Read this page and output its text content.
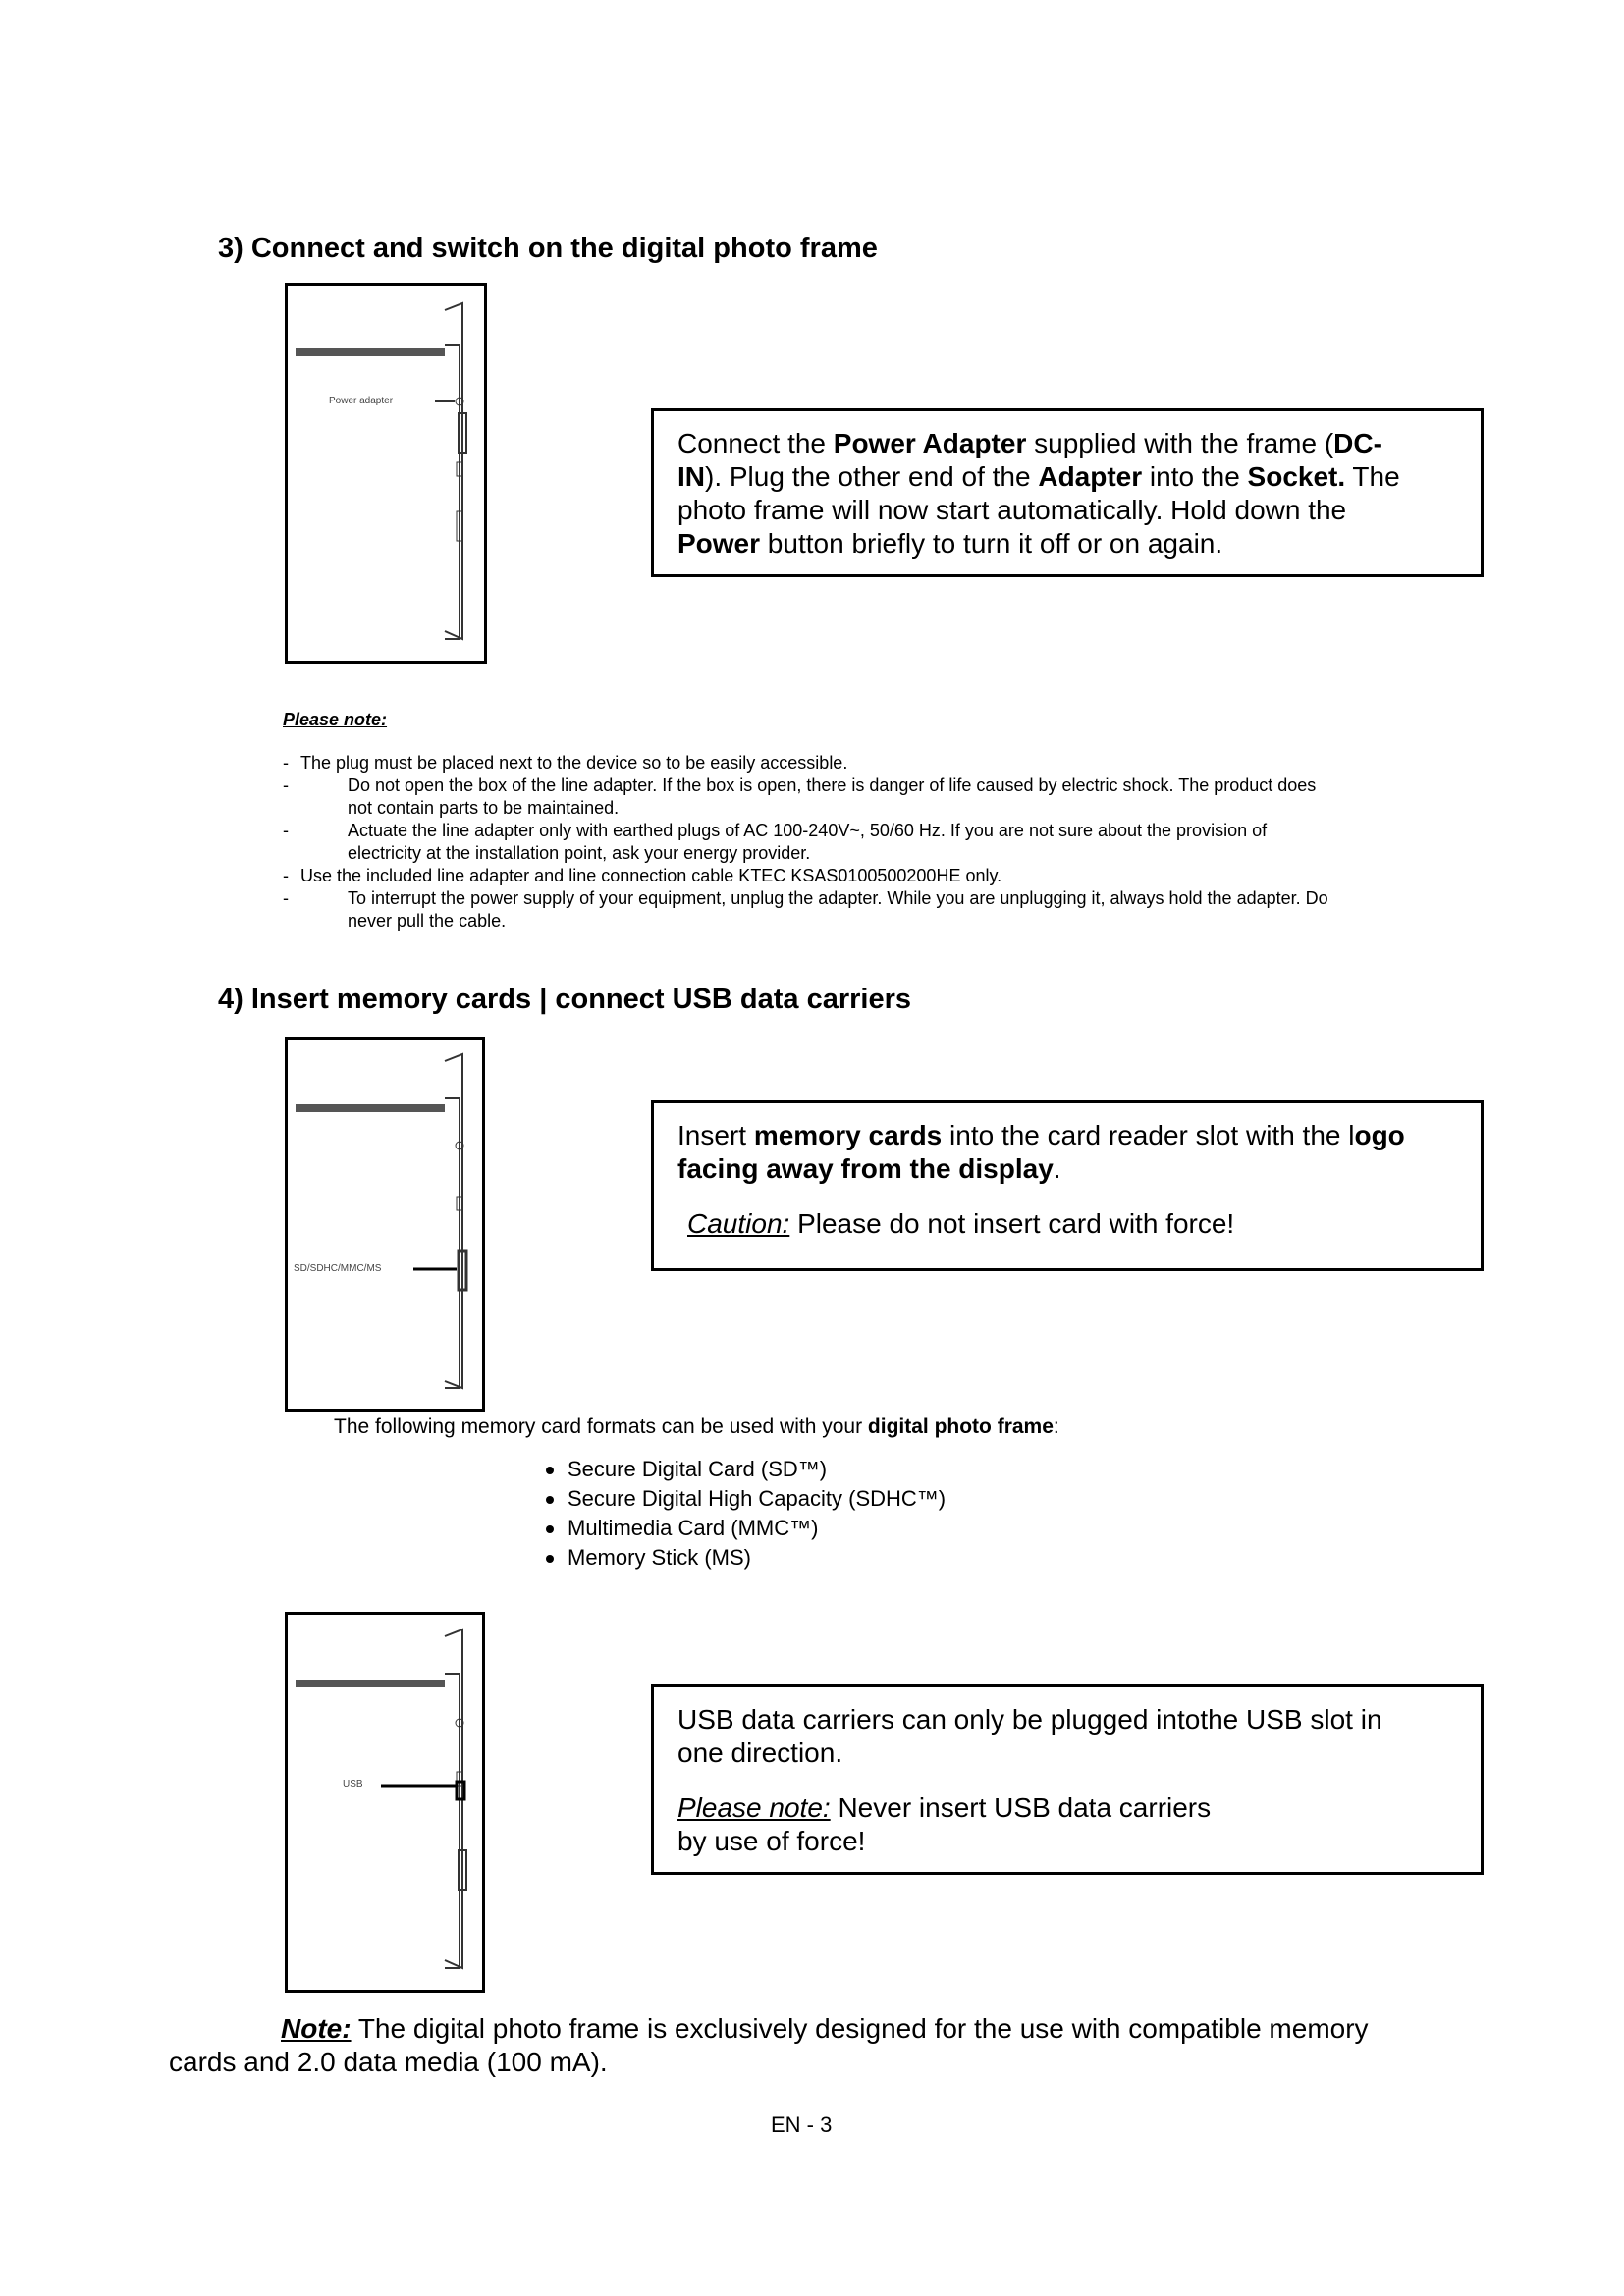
3) Connect and switch on the digital photo frame
Power adapter
Connect the Power Adapter supplied with the frame (DC-
IN). Plug the other end of the Adapter into the Socket. The
photo frame will now start automatically. Hold down the
Power button briefly to turn it off or on again.
Please note:
- The plug must be placed next to the device so to be easily accessible.
-	Do not open the box of the line adapter. If the box is open, there is danger of life caused by electric shock. The product does
not contain parts to be maintained.
-	Actuate the line adapter only with earthed plugs of AC 100-240V~, 50/60 Hz. If you are not sure about the provision of
electricity at the installation point, ask your energy provider.
- Use the included line adapter and line connection cable KTEC KSAS0100500200HE only.
-	To interrupt the power supply of your equipment, unplug the adapter. While you are unplugging it, always hold the adapter. Do
never pull the cable.
4) Insert memory cards | connect USB data carriers
SD/SDHC/MMC/MS
Insert memory cards into the card reader slot with the logo
facing away from the display.

Caution: Please do not insert card with force!
The following memory card formats can be used with your digital photo frame:
Secure Digital Card (SD™)
Secure Digital High Capacity (SDHC™)
Multimedia Card (MMC™)
Memory Stick (MS)
USB
USB data carriers can only be plugged intothe USB slot in
one direction.

Please note: Never insert USB data carriers
by use of force!
Note: The digital photo frame is exclusively designed for the use with compatible memory
cards and 2.0 data media (100 mA).
EN - 3
